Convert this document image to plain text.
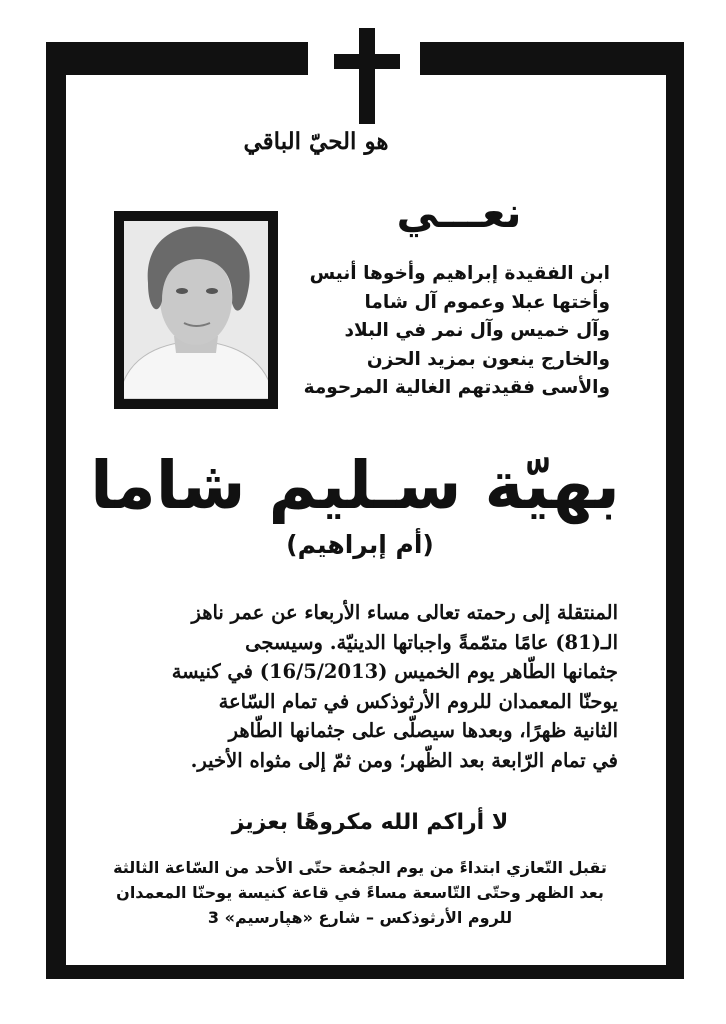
هو الحيّ الباقي
نعـــي
ابن الفقيدة إبراهيم وأخوها أنيس
وأختها عبلا وعموم آل شاما
وآل خميس وآل نمر في البلاد
والخارج ينعون بمزيد الحزن
والأسى فقيدتهم الغالية المرحومة
بهيّة سـليم شاما
(أم إبراهيم)
المنتقلة إلى رحمته تعالى مساء الأربعاء عن عمر ناهز
الـ(81) عامًا متمّمةً واجباتها الدينيّة. وسيسجى
جثمانها الطّاهر يوم الخميس (16/5/2013) في كنيسة
يوحنّا المعمدان للروم الأرثوذكس في تمام السّاعة
الثانية ظهرًا، وبعدها سيصلّى على جثمانها الطّاهر
في تمام الرّابعة بعد الظّهر؛ ومن ثمّ إلى مثواه الأخير.
لا أراكم الله مكروهًا بعزيز
تقبل التّعازي ابتداءً من يوم الجمُعة حتّى الأحد من السّاعة الثالثة
بعد الظهر وحتّى التّاسعة مساءً في قاعة كنيسة يوحنّا المعمدان
للروم الأرثوذكس – شارع «هپارسيم» 3
